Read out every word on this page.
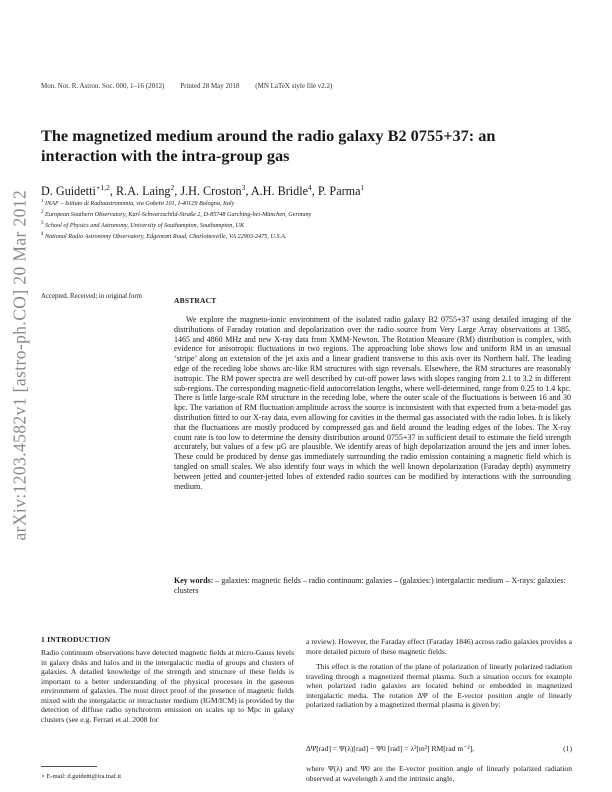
arXiv:1203.4582v1 [astro-ph.CO] 20 Mar 2012
Mon. Not. R. Astron. Soc. 000, 1–16 (2012) Printed 28 May 2018 (MN LaTeX style file v2.2)
The magnetized medium around the radio galaxy B2 0755+37: an interaction with the intra-group gas
D. Guidetti$^{⋆1,2}$, R.A. Laing$^2$, J.H. Croston$^3$, A.H. Bridle$^4$, P. Parma$^1$
$^1$ INAF – Istituto di Radioastronomia, via Gobetti 101, I-40129 Bologna, Italy
$^2$ European Southern Observatory, Karl-Schwarzschild-Straße 2, D-85748 Garching-bei-München, Germany
$^3$ School of Physics and Astronomy, University of Southampton, Southampton, UK
$^4$ National Radio Astronomy Observatory, Edgemont Road, Charlottesville, VA 22903-2475, U.S.A.
Accepted. Received; in original form	ABSTRACT
We explore the magneto-ionic environment of the isolated radio galaxy B2 0755+37 using detailed imaging of the distributions of Faraday rotation and depolarization over the radio source from Very Large Array observations at 1385, 1465 and 4860 MHz and new X-ray data from XMM-Newton. The Rotation Measure (RM) distribution is complex, with evidence for anisotropic fluctuations in two regions. The approaching lobe shows low and uniform RM in an unusual ‘stripe’ along an extension of the jet axis and a linear gradient transverse to this axis over its Northern half. The leading edge of the receding lobe shows arc-like RM structures with sign reversals. Elsewhere, the RM structures are reasonably isotropic. The RM power spectra are well described by cut-off power laws with slopes ranging from 2.1 to 3.2 in different sub-regions. The corresponding magnetic-field autocorrelation lengths, where well-determined, range from 0.25 to 1.4 kpc. There is little large-scale RM structure in the receding lobe, where the outer scale of the fluctuations is between 16 and 30 kpc. The variation of RM fluctuation amplitude across the source is inconsistent with that expected from a beta-model gas distribution fitted to our X-ray data, even allowing for cavities in the thermal gas associated with the radio lobes. It is likely that the fluctuations are mostly produced by compressed gas and field around the leading edges of the lobes. The X-ray count rate is too low to determine the density distribution around 0755+37 in sufficient detail to estimate the field strength accurately, but values of a few µG are plausible. We identify areas of high depolarization around the jets and inner lobes. These could be produced by dense gas immediately surrounding the radio emission containing a magnetic field which is tangled on small scales. We also identify four ways in which the well known depolarization (Faraday depth) asymmetry between jetted and counter-jetted lobes of extended radio sources can be modified by interactions with the surrounding medium.
Key words: – galaxies: magnetic fields – radio continuum: galaxies – (galaxies:) intergalactic medium – X-rays: galaxies: clusters
1 INTRODUCTION
Radio continuum observations have detected magnetic fields at micro-Gauss levels in galaxy disks and halos and in the intergalactic media of groups and clusters of galaxies. A detailed knowledge of the strength and structure of these fields is important to a better understanding of the physical processes in the gaseous environment of galaxies. The most direct proof of the presence of magnetic fields mixed with the intergalactic or intracluster medium (IGM/ICM) is provided by the detection of diffuse radio synchrotron emission on scales up to Mpc in galaxy clusters (see e.g. Ferrari et al. 2008 for
a review). However, the Faraday effect (Faraday 1846) across radio galaxies provides a more detailed picture of these magnetic fields.
This effect is the rotation of the plane of polarization of linearly polarized radiation traveling through a magnetized thermal plasma. Such a situation occurs for example when polarized radio galaxies are located behind or embedded in magnetized intergalactic media. The rotation ∆Ψ of the E-vector position angle of linearly polarized radiation by a magnetized thermal plasma is given by:
∆Ψ[rad] = Ψ(λ)[rad] − Ψ0 [rad] = λ²[m²] RM[rad m⁻²],	(1)
where Ψ(λ) and Ψ0 are the E-vector position angle of linearly polarized radiation observed at wavelength λ and the intrinsic angle,
⋆ E-mail: d.guidetti@ira.inaf.it
